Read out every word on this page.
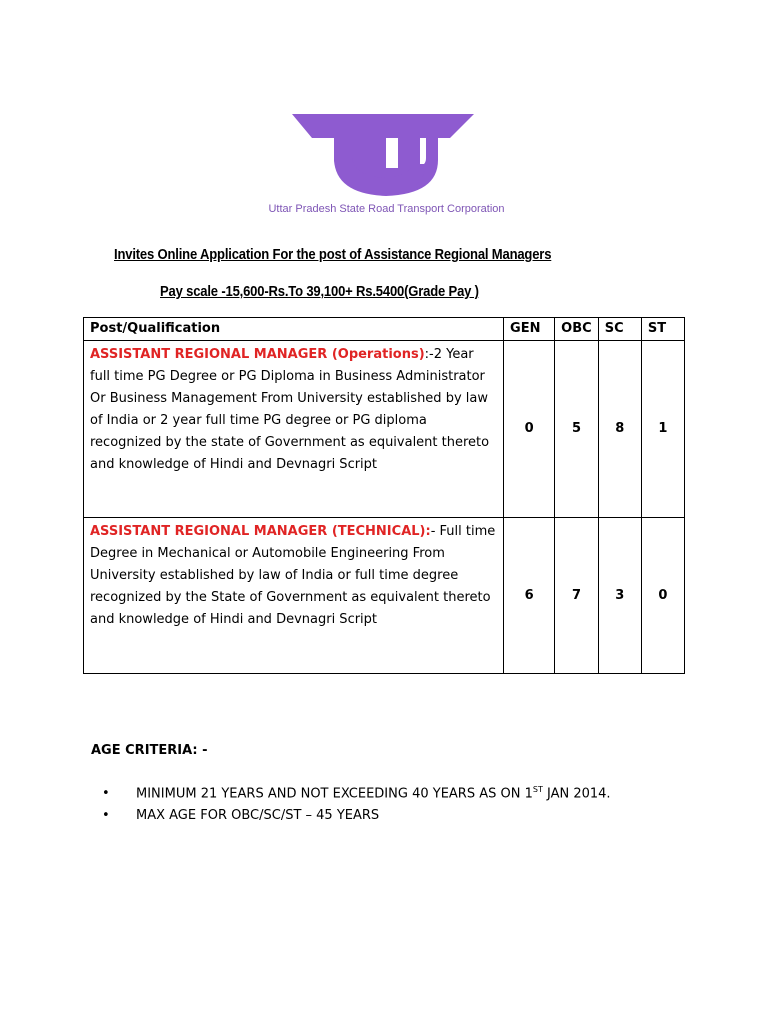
Uttar Pradesh State Road Transport Corporation
Invites Online Application For the post of Assistance Regional Managers
Pay scale -15,600-Rs.To 39,100+ Rs.5400(Grade Pay )
Post/Qualification	GEN	OBC	SC	ST
ASSISTANT REGIONAL MANAGER (Operations):-2 Year full time PG Degree or PG Diploma in Business Administrator Or Business Management From University established by law of India or 2 year full time PG degree or PG diploma recognized by the state of Government as equivalent thereto and knowledge of Hindi and Devnagri Script	0	5	8	1
ASSISTANT REGIONAL MANAGER (TECHNICAL):- Full time Degree in Mechanical or Automobile Engineering From University established by law of India or full time degree recognized by the State of Government as equivalent thereto and knowledge of Hindi and Devnagri Script	6	7	3	0
AGE CRITERIA: -
• MINIMUM 21 YEARS AND NOT EXCEEDING 40 YEARS AS ON 1ST JAN 2014.
• MAX AGE FOR OBC/SC/ST – 45 YEARS
